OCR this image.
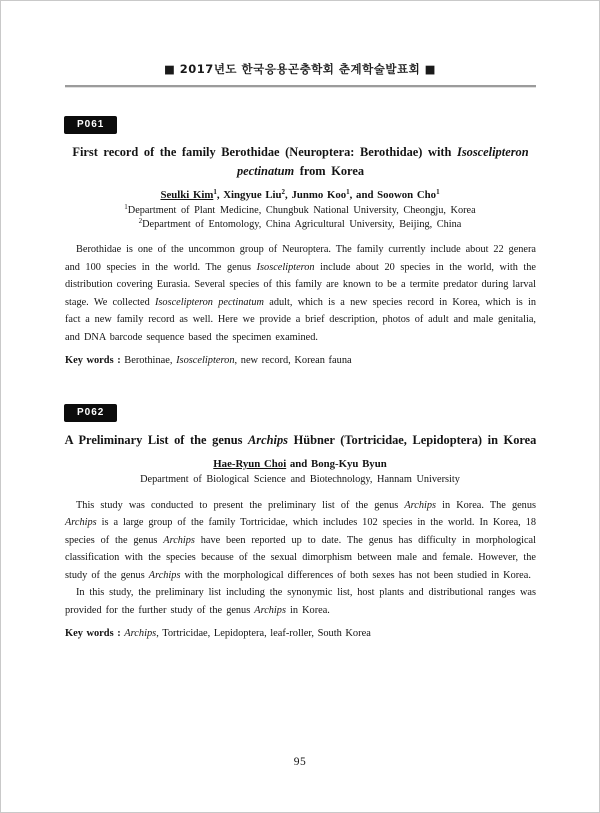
■ 2017년도 한국응용곤충학회 춘계학술발표회 ■
P061
First record of the family Berothidae (Neuroptera: Berothidae) with Isoscelipteron pectinatum from Korea
Seulki Kim$^1$, Xingyue Liu$^2$, Junmo Koo$^1$, and Soowon Cho$^1$
$^1$Department of Plant Medicine, Chungbuk National University, Cheongju, Korea
$^2$Department of Entomology, China Agricultural University, Beijing, China

Berothidae is one of the uncommon group of Neuroptera. The family currently include about 22 genera and 100 species in the world. The genus Isoscelipteron include about 20 species in the world, with the distribution covering Eurasia. Several species of this family are known to be a termite predator during larval stage. We collected Isoscelipteron pectinatum adult, which is a new species record in Korea, which is in fact a new family record as well. Here we provide a brief description, photos of adult and male genitalia, and DNA barcode sequence based the specimen examined.

Key words : Berothinae, Isoscelipteron, new record, Korean fauna
P062
A Preliminary List of the genus Archips Hübner (Tortricidae, Lepidoptera) in Korea
Hae-Ryun Choi and Bong-Kyu Byun
Department of Biological Science and Biotechnology, Hannam University

This study was conducted to present the preliminary list of the genus Archips in Korea. The genus Archips is a large group of the family Tortricidae, which includes 102 species in the world. In Korea, 18 species of the genus Archips have been reported up to date. The genus has difficulty in morphological classification with the species because of the sexual dimorphism between male and female. However, the study of the genus Archips with the morphological differences of both sexes has not been studied in Korea.

In this study, the preliminary list including the synonymic list, host plants and distributional ranges was provided for the further study of the genus Archips in Korea.

Key words : Archips, Tortricidae, Lepidoptera, leaf-roller, South Korea
95
